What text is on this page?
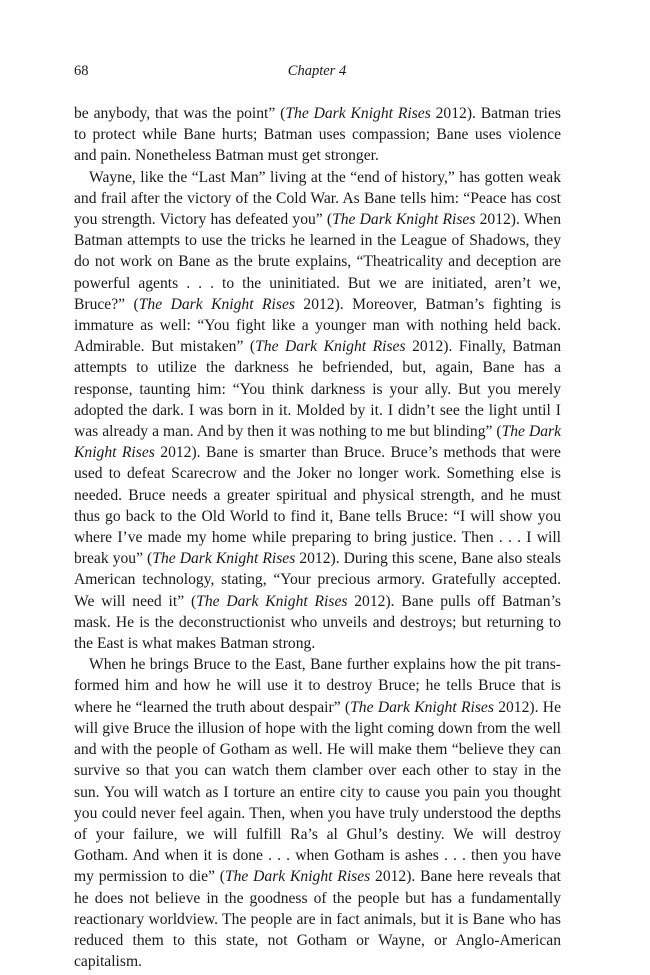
68	Chapter 4

be anybody, that was the point” (The Dark Knight Rises 2012). Batman tries to protect while Bane hurts; Batman uses compassion; Bane uses violence and pain. Nonetheless Batman must get stronger.

Wayne, like the “Last Man” living at the “end of history,” has gotten weak and frail after the victory of the Cold War. As Bane tells him: “Peace has cost you strength. Victory has defeated you” (The Dark Knight Rises 2012). When Batman attempts to use the tricks he learned in the League of Shadows, they do not work on Bane as the brute explains, “Theatricality and deception are powerful agents . . . to the uninitiated. But we are initiated, aren’t we, Bruce?” (The Dark Knight Rises 2012). Moreover, Batman’s fighting is immature as well: “You fight like a younger man with nothing held back. Admirable. But mistaken” (The Dark Knight Rises 2012). Finally, Batman attempts to utilize the darkness he befriended, but, again, Bane has a response, taunting him: “You think darkness is your ally. But you merely adopted the dark. I was born in it. Molded by it. I didn’t see the light until I was already a man. And by then it was nothing to me but blinding” (The Dark Knight Rises 2012). Bane is smarter than Bruce. Bruce’s methods that were used to defeat Scarecrow and the Joker no longer work. Something else is needed. Bruce needs a greater spiritual and physical strength, and he must thus go back to the Old World to find it, Bane tells Bruce: “I will show you where I’ve made my home while preparing to bring justice. Then . . . I will break you” (The Dark Knight Rises 2012). During this scene, Bane also steals American technology, stating, “Your precious armory. Gratefully accepted. We will need it” (The Dark Knight Rises 2012). Bane pulls off Batman’s mask. He is the deconstructionist who unveils and destroys; but returning to the East is what makes Batman strong.

When he brings Bruce to the East, Bane further explains how the pit transformed him and how he will use it to destroy Bruce; he tells Bruce that is where he “learned the truth about despair” (The Dark Knight Rises 2012). He will give Bruce the illusion of hope with the light coming down from the well and with the people of Gotham as well. He will make them “believe they can survive so that you can watch them clamber over each other to stay in the sun. You will watch as I torture an entire city to cause you pain you thought you could never feel again. Then, when you have truly understood the depths of your failure, we will fulfill Ra’s al Ghul’s destiny. We will destroy Gotham. And when it is done . . . when Gotham is ashes . . . then you have my permission to die” (The Dark Knight Rises 2012). Bane here reveals that he does not believe in the goodness of the people but has a fundamentally reactionary worldview. The people are in fact animals, but it is Bane who has reduced them to this state, not Gotham or Wayne, or Anglo-American capitalism.
